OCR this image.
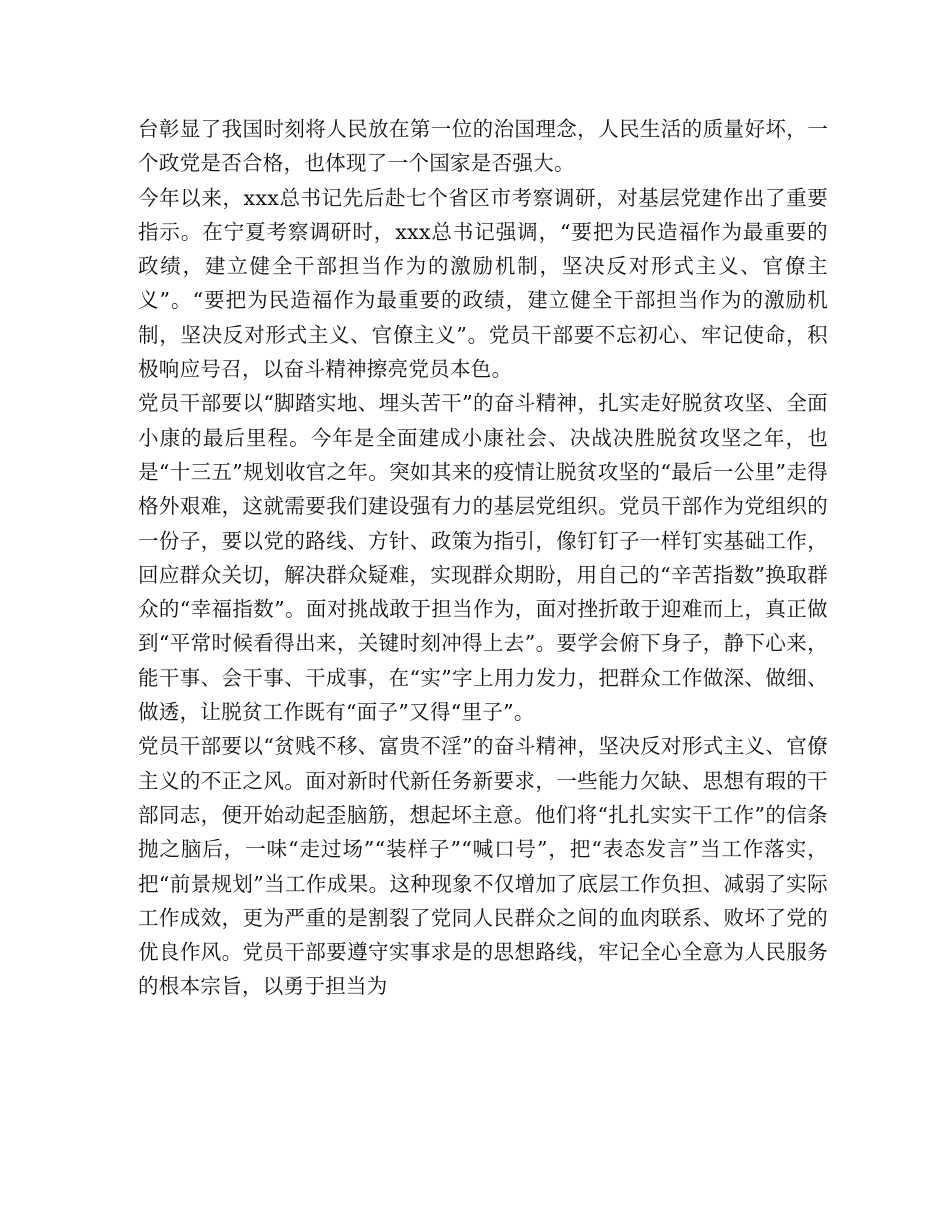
台彰显了我国时刻将人民放在第一位的治国理念，人民生活的质量好坏，一个政党是否合格，也体现了一个国家是否强大。

今年以来，xxx总书记先后赴七个省区市考察调研，对基层党建作出了重要指示。在宁夏考察调研时，xxx总书记强调，“要把为民造福作为最重要的政绩，建立健全干部担当作为的激励机制，坚决反对形式主义、官僚主义”。“要把为民造福作为最重要的政绩，建立健全干部担当作为的激励机制，坚决反对形式主义、官僚主义”。党员干部要不忘初心、牢记使命，积极响应号召，以奋斗精神擦亮党员本色。

党员干部要以“脚踏实地、埋头苦干”的奋斗精神，扎实走好脱贫攻坚、全面小康的最后里程。今年是全面建成小康社会、决战决胜脱贫攻坚之年，也是“十三五”规划收官之年。突如其来的疫情让脱贫攻坚的“最后一公里”走得格外艰难，这就需要我们建设强有力的基层党组织。党员干部作为党组织的一份子，要以党的路线、方针、政策为指引，像钉钉子一样钉实基础工作，回应群众关切，解决群众疑难，实现群众期盼，用自己的“辛苦指数”换取群众的“幸福指数”。面对挑战敢于担当作为，面对挫折敢于迎难而上，真正做到“平常时候看得出来，关键时刻冲得上去”。要学会俯下身子，静下心来，能干事、会干事、干成事，在“实”字上用力发力，把群众工作做深、做细、做透，让脱贫工作既有“面子”又得“里子”。

党员干部要以“贫贱不移、富贵不淫”的奋斗精神，坚决反对形式主义、官僚主义的不正之风。面对新时代新任务新要求，一些能力欠缺、思想有瑕的干部同志，便开始动起歪脑筋，想起坏主意。他们将“扎扎实实干工作”的信条抛之脑后，一味“走过场”“装样子”“喊口号”，把“表态发言”当工作落实，把“前景规划”当工作成果。这种现象不仅增加了底层工作负担、减弱了实际工作成效，更为严重的是割裂了党同人民群众之间的血肉联系、败坏了党的优良作风。党员干部要遵守实事求是的思想路线，牢记全心全意为人民服务的根本宗旨，以勇于担当为
